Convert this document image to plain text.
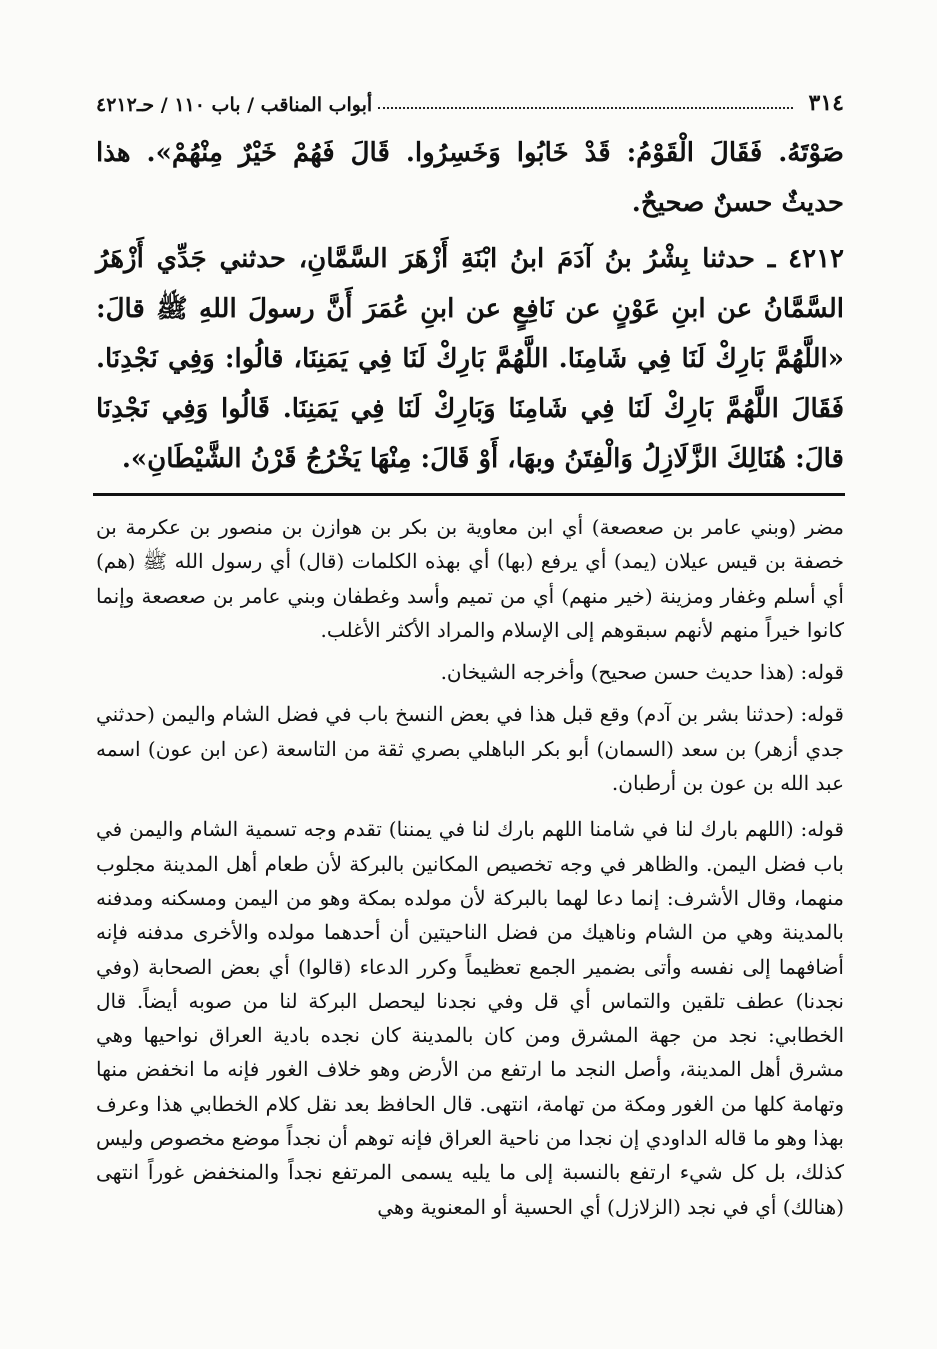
٣١٤
أبواب المناقب / باب ١١٠ / حـ٤٢١٢

صَوْتَهُ. فَقَالَ الْقَوْمُ: قَدْ خَابُوا وَخَسِرُوا. قَالَ فَهُمْ خَيْرٌ مِنْهُمْ». هذا حديثٌ حسنٌ صحيحٌ.

٤٢١٢ ـ حدثنا بِشْرُ بنُ آدَمَ ابنُ ابْنَةِ أَزْهَرَ السَّمَّانِ، حدثني جَدِّي أَزْهَرُ السَّمَّانُ عن ابنِ عَوْنٍ عن نَافِعٍ عن ابنِ عُمَرَ أَنَّ رسولَ اللهِ ﷺ قالَ: «اللَّهُمَّ بَارِكْ لَنَا فِي شَامِنَا. اللَّهُمَّ بَارِكْ لَنَا فِي يَمَنِنَا، قالُوا: وَفِي نَجْدِنَا. فَقَالَ اللَّهُمَّ بَارِكْ لَنَا فِي شَامِنَا وَبَارِكْ لَنَا فِي يَمَنِنَا. قَالُوا وَفِي نَجْدِنَا قالَ: هُنَالِكَ الزَّلَازِلُ وَالْفِتَنُ وبهَا، أَوْ قَالَ: مِنْهَا يَخْرُجُ قَرْنُ الشَّيْطَانِ».

مضر (وبني عامر بن صعصعة) أي ابن معاوية بن بكر بن هوازن بن منصور بن عكرمة بن خصفة بن قيس عيلان (يمد) أي يرفع (بها) أي بهذه الكلمات (قال) أي رسول الله ﷺ (هم) أي أسلم وغفار ومزينة (خير منهم) أي من تميم وأسد وغطفان وبني عامر بن صعصعة وإنما كانوا خيراً منهم لأنهم سبقوهم إلى الإسلام والمراد الأكثر الأغلب.

قوله: (هذا حديث حسن صحيح) وأخرجه الشيخان.

قوله: (حدثنا بشر بن آدم) وقع قبل هذا في بعض النسخ باب في فضل الشام واليمن (حدثني جدي أزهر) بن سعد (السمان) أبو بكر الباهلي بصري ثقة من التاسعة (عن ابن عون) اسمه عبد الله بن عون بن أرطبان.

قوله: (اللهم بارك لنا في شامنا اللهم بارك لنا في يمننا) تقدم وجه تسمية الشام واليمن في باب فضل اليمن. والظاهر في وجه تخصيص المكانين بالبركة لأن طعام أهل المدينة مجلوب منهما، وقال الأشرف: إنما دعا لهما بالبركة لأن مولده بمكة وهو من اليمن ومسكنه ومدفنه بالمدينة وهي من الشام وناهيك من فضل الناحيتين أن أحدهما مولده والأخرى مدفنه فإنه أضافهما إلى نفسه وأتى بضمير الجمع تعظيماً وكرر الدعاء (قالوا) أي بعض الصحابة (وفي نجدنا) عطف تلقين والتماس أي قل وفي نجدنا ليحصل البركة لنا من صوبه أيضاً. قال الخطابي: نجد من جهة المشرق ومن كان بالمدينة كان نجده بادية العراق نواحيها وهي مشرق أهل المدينة، وأصل النجد ما ارتفع من الأرض وهو خلاف الغور فإنه ما انخفض منها وتهامة كلها من الغور ومكة من تهامة، انتهى. قال الحافظ بعد نقل كلام الخطابي هذا وعرف بهذا وهو ما قاله الداودي إن نجدا من ناحية العراق فإنه توهم أن نجداً موضع مخصوص وليس كذلك، بل كل شيء ارتفع بالنسبة إلى ما يليه يسمى المرتفع نجداً والمنخفض غوراً انتهى (هنالك) أي في نجد (الزلازل) أي الحسية أو المعنوية وهي
